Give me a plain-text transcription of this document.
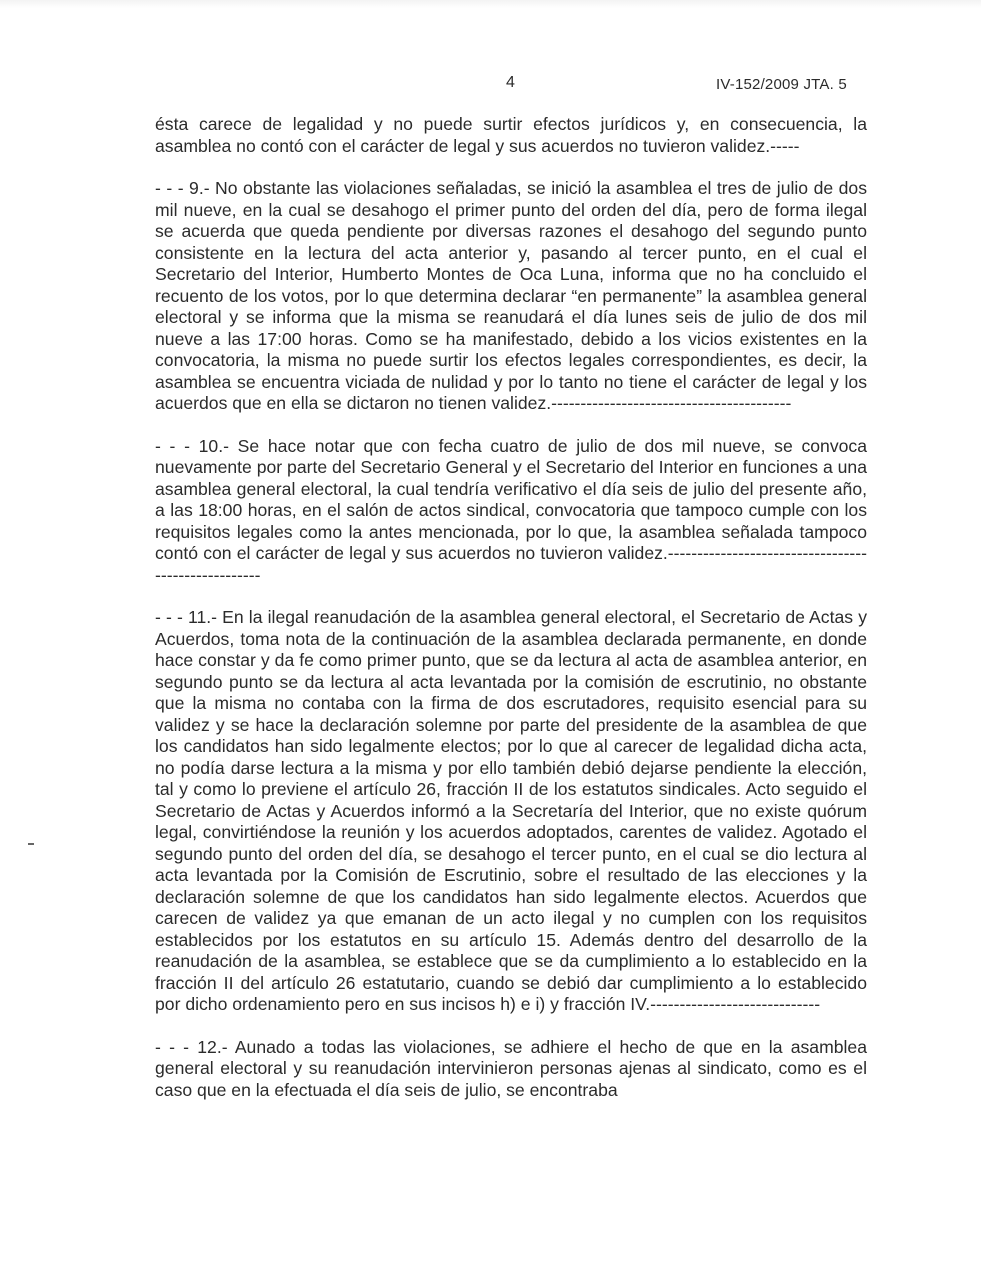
4	IV-152/2009 JTA. 5

ésta carece de legalidad y no puede surtir efectos jurídicos y, en consecuencia, la asamblea no contó con el carácter de legal y sus acuerdos no tuvieron validez.-----

- - - 9.- No obstante las violaciones señaladas, se inició la asamblea el tres de julio de dos mil nueve, en la cual se desahogo el primer punto del orden del día, pero de forma ilegal se acuerda que queda pendiente por diversas razones el desahogo del segundo punto consistente en la lectura del acta anterior y, pasando al tercer punto, en el cual el Secretario del Interior, Humberto Montes de Oca Luna, informa que no ha concluido el recuento de los votos, por lo que determina declarar “en permanente” la asamblea general electoral y se informa que la misma se reanudará el día lunes seis de julio de dos mil nueve a las 17:00 horas. Como se ha manifestado, debido a los vicios existentes en la convocatoria, la misma no puede surtir los efectos legales correspondientes, es decir, la asamblea se encuentra viciada de nulidad y por lo tanto no tiene el carácter de legal y los acuerdos que en ella se dictaron no tienen validez.-----------------------------------------

- - - 10.- Se hace notar que con fecha cuatro de julio de dos mil nueve, se convoca nuevamente por parte del Secretario General y el Secretario del Interior en funciones a una asamblea general electoral, la cual tendría verificativo el día seis de julio del presente año, a las 18:00 horas, en el salón de actos sindical, convocatoria que tampoco cumple con los requisitos legales como la antes mencionada, por lo que, la asamblea señalada tampoco contó con el carácter de legal y sus acuerdos no tuvieron validez.----------------------------------------------------

- - - 11.- En la ilegal reanudación de la asamblea general electoral, el Secretario de Actas y Acuerdos, toma nota de la continuación de la asamblea declarada permanente, en donde hace constar y da fe como primer punto, que se da lectura al acta de asamblea anterior, en segundo punto se da lectura al acta levantada por la comisión de escrutinio, no obstante que la misma no contaba con la firma de dos escrutadores, requisito esencial para su validez y se hace la declaración solemne por parte del presidente de la asamblea de que los candidatos han sido legalmente electos; por lo que al carecer de legalidad dicha acta, no podía darse lectura a la misma y por ello también debió dejarse pendiente la elección, tal y como lo previene el artículo 26, fracción II de los estatutos sindicales. Acto seguido el Secretario de Actas y Acuerdos informó a la Secretaría del Interior, que no existe quórum legal, convirtiéndose la reunión y los acuerdos adoptados, carentes de validez. Agotado el segundo punto del orden del día, se desahogo el tercer punto, en el cual se dio lectura al acta levantada por la Comisión de Escrutinio, sobre el resultado de las elecciones y la declaración solemne de que los candidatos han sido legalmente electos. Acuerdos que carecen de validez ya que emanan de un acto ilegal y no cumplen con los requisitos establecidos por los estatutos en su artículo 15. Además dentro del desarrollo de la reanudación de la asamblea, se establece que se da cumplimiento a lo establecido en la fracción II del artículo 26 estatutario, cuando se debió dar cumplimiento a lo establecido por dicho ordenamiento pero en sus incisos h) e i) y fracción IV.-----------------------------

- - - 12.- Aunado a todas las violaciones, se adhiere el hecho de que en la asamblea general electoral y su reanudación intervinieron personas ajenas al sindicato, como es el caso que en la efectuada el día seis de julio, se encontraba
